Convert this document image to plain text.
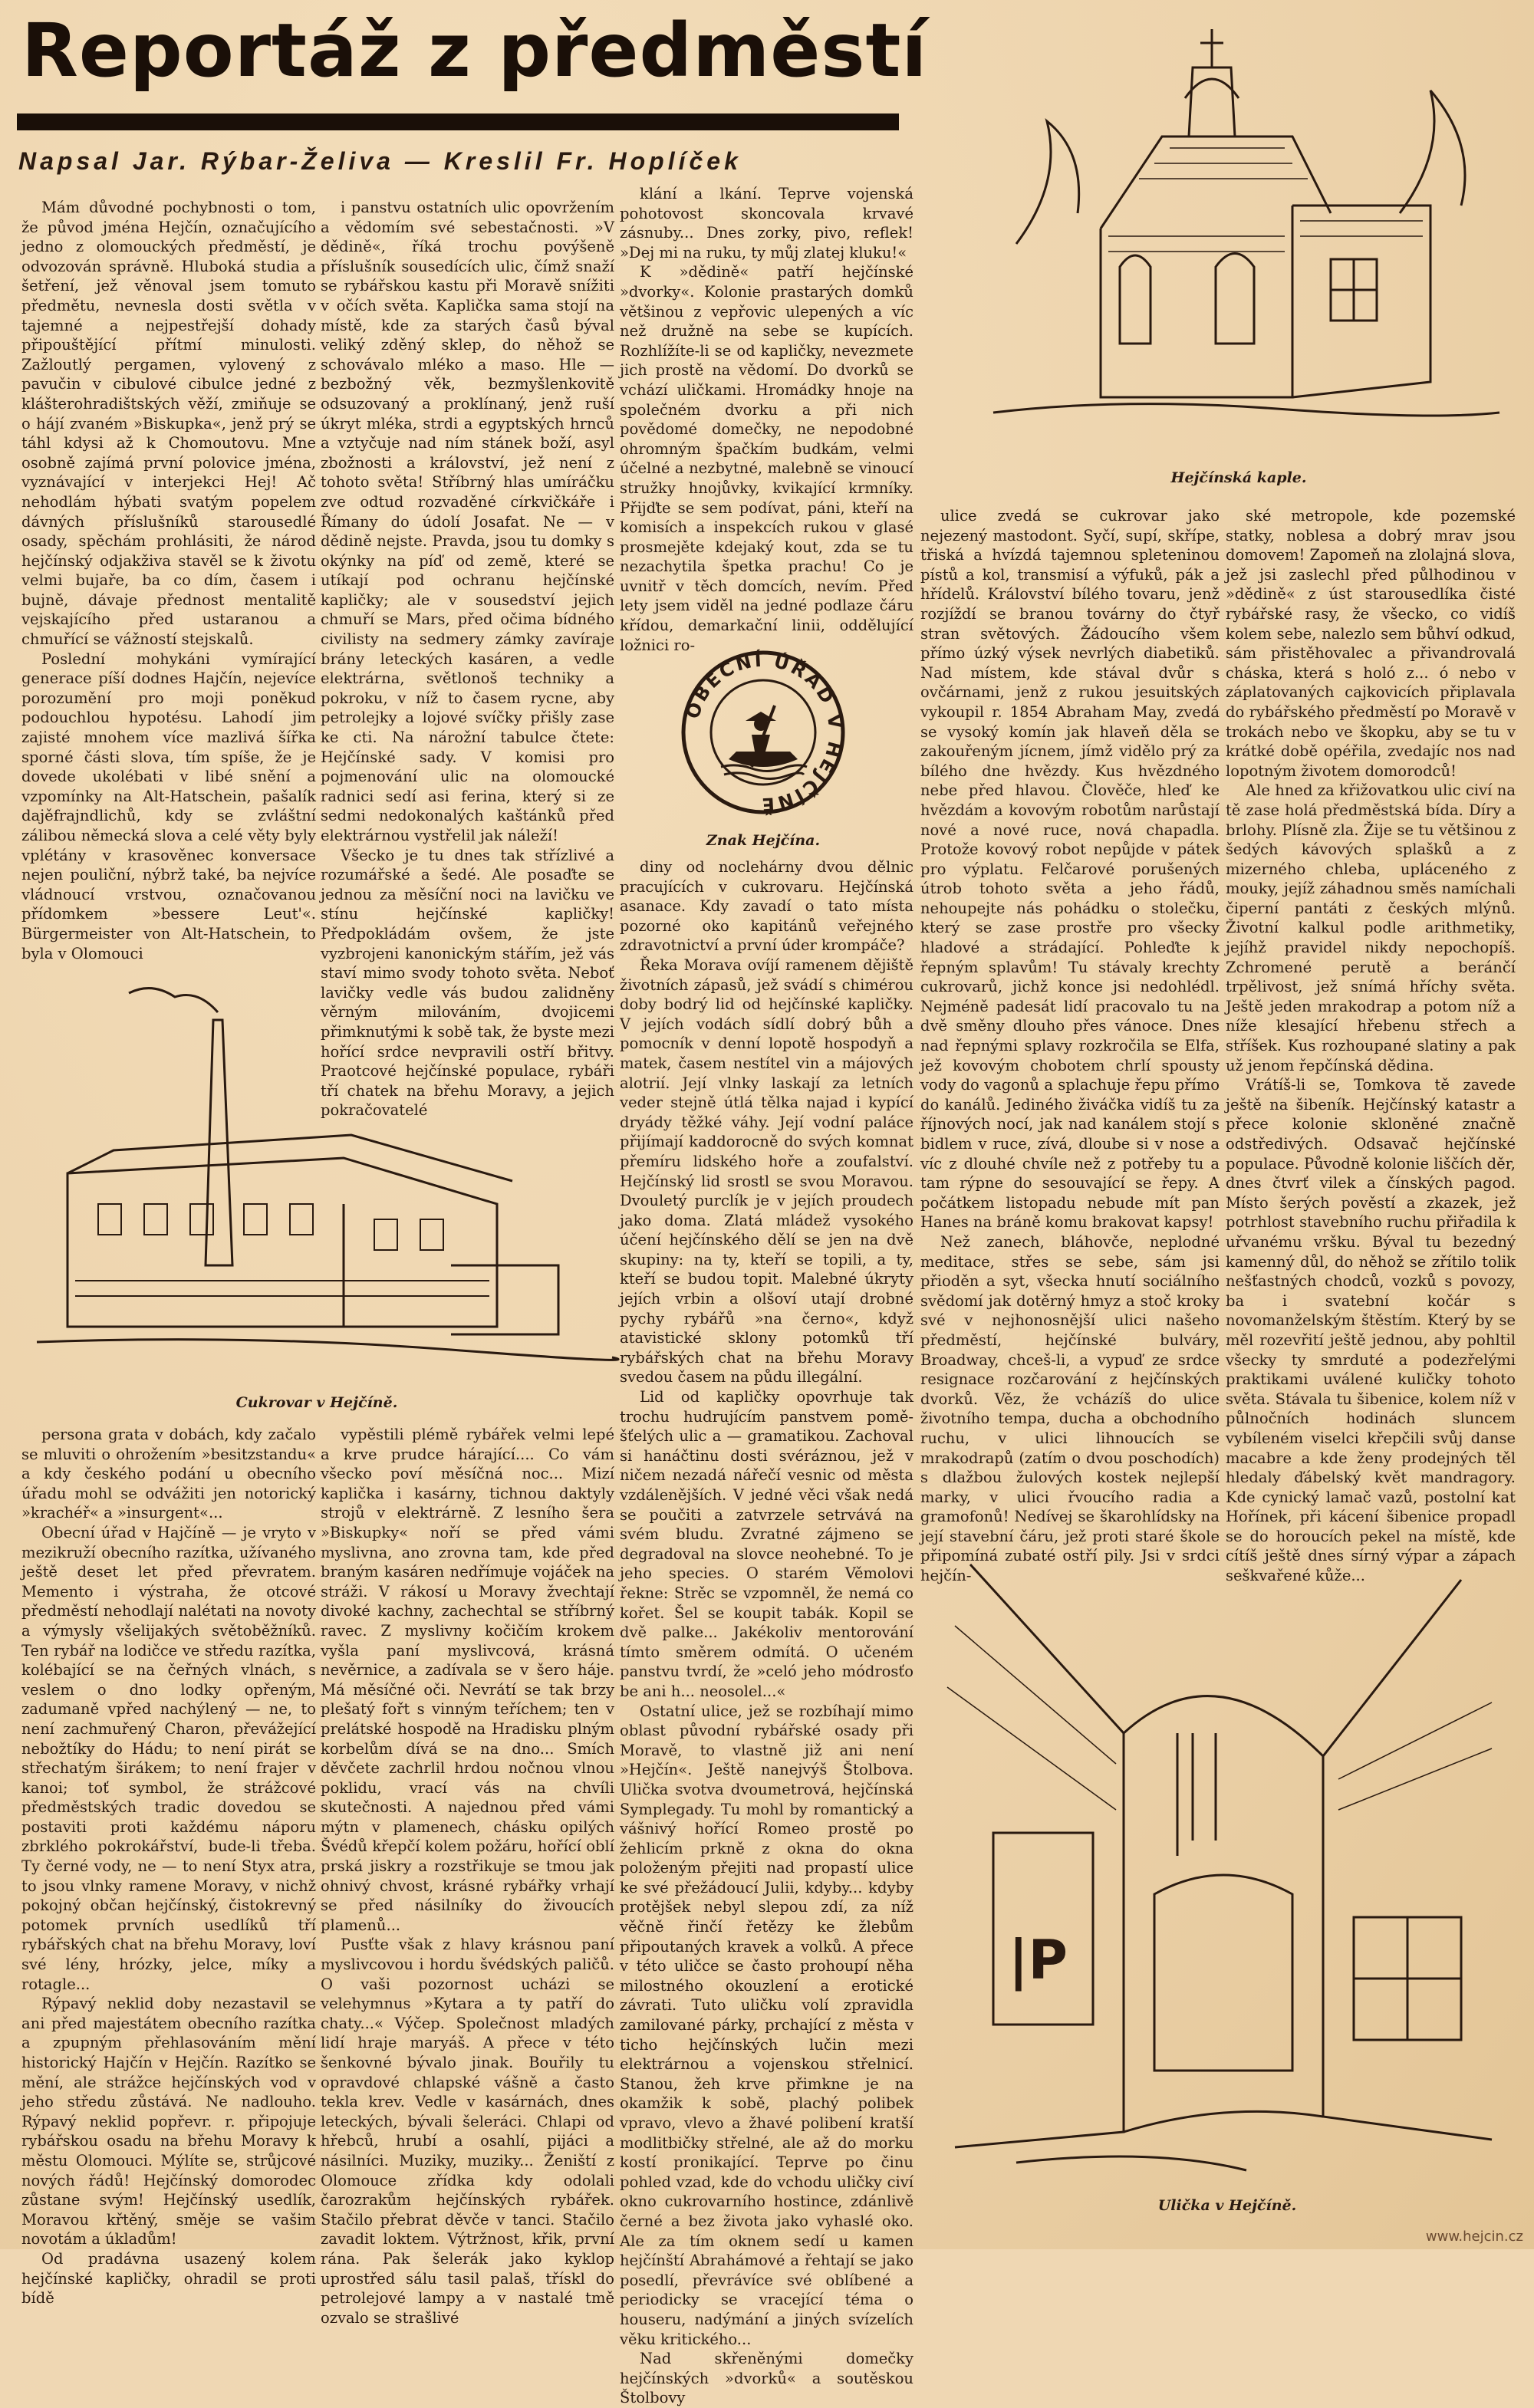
Reportáž z předměstí
Napsal Jar. Rýbar-Želiva — Kreslil Fr. Hoplíček

Mám důvodné pochybnosti o tom, že původ jména Hejčín, označujícího jedno z olomouckých předměstí, je odvozován správně. Hluboká studia a šetření, jež věnoval jsem tomuto předmětu, nevnesla dosti světla v tajemné a nejpestřejší dohady připouštějící přítmí minulosti. Zažloutlý pergamen, vylovený z pavučin v cibulové cibulce jedné z klášterohradištských věží, zmiňuje se o hájí zvaném »Biskupka«, jenž prý se táhl kdysi až k Chomoutovu. Mne osobně zajímá první polovice jména, vyznávající v interjekci Hej! Ač nehodlám hýbati svatým popelem dávných příslušníků starousedlé osady, spěchám prohlásiti, že národ hejčínský odjakživa stavěl se k životu velmi bujaře, ba co dím, časem i bujně, dávaje přednost mentalitě vejskajícího před ustaranou a chmuřící se vážností stejskalů.

Poslední mohykáni vymírající generace píší dodnes Hajčín, nejevíce porozumění pro moji poněkud podouchlou hypotésu. Lahodí jim zajisté mnohem více mazlivá šířka sporné části slova, tím spíše, že je dovede ukolébati v libé snění a vzpomínky na Alt-Hatschein, pašalík dajěfrajndlichů, kdy se zvláštní zálibou německá slova a celé věty byly vplétány v krasověnec konversace nejen pouliční, nýbrž také, ba nejvíce vládnoucí vrstvou, označovanou přídomkem »bessere Leut'«. Bürgermeister von Alt-Hatschein, to byla v Olomouci

i panstvu ostatních ulic opovržením a vědomím své sebestačnosti. »V dědině«, říká trochu povýšeně příslušník sousedících ulic, čímž snaží se rybářskou kastu při Moravě snížiti v očích světa. Kaplička sama stojí na místě, kde za starých časů býval veliký zděný sklep, do něhož se schovávalo mléko a maso. Hle — bezbožný věk, bezmyšlenkovitě odsuzovaný a proklínaný, jenž ruší úkryt mléka, strdi a egyptských hrnců a vztyčuje nad ním stánek boží, asyl zbožnosti a království, jež není z tohoto světa! Stříbrný hlas umíráčku zve odtud rozvaděné církvičkáře i Římany do údolí Josafat. Ne — v dědině nejste. Pravda, jsou tu domky s okýnky na píď od země, které se utíkají pod ochranu hejčínské kapličky; ale v sousedství jejich chmuří se Mars, před očima bídného civilisty na sedmery zámky zavíraje brány leteckých kasáren, a vedle elektrárna, světlonoš techniky a pokroku, v níž to časem rycne, aby petrolejky a lojové svíčky přišly zase ke cti. Na nárožní tabulce čtete: Hejčínské sady. V komisi pro pojmenování ulic na olomoucké radnici sedí asi ferina, který si ze sedmi nedokonalých kaštánků před elektrárnou vystřelil jak náleží!

Všecko je tu dnes tak střízlivé a rozumářské a šedé. Ale posaďte se jednou za měsíční noci na lavičku ve stínu hejčínské kapličky! Předpokládám ovšem, že jste vyzbrojeni kanonickým stářím, jež vás staví mimo svody tohoto světa. Neboť lavičky vedle vás budou zalidněny věrným milováním, dvojicemi přimknutými k sobě tak, že byste mezi hořící srdce nevpravili ostří břitvy. Praotcové hejčínské populace, rybáři tří chatek na břehu Moravy, a jejich pokračovatelé

klání a lkání. Teprve vojenská pohotovost skoncovala krvavé zásnuby... Dnes zorky, pivo, reflek! »Dej mi na ruku, ty můj zlatej kluku!«

K »dědině« patří hejčínské »dvorky«. Kolonie prastarých domků většinou z vepřovic ulepených a víc než družně na sebe se kupících. Rozhlížíte-li se od kapličky, nevezmete jich prostě na vědomí. Do dvorků se vchází uličkami. Hromádky hnoje na společném dvorku a při nich povědomé domečky, ne nepodobné ohromným špačkím budkám, velmi účelné a nezbytné, malebně se vinoucí stružky hnojůvky, kvikající krmníky. Přijďte se sem podívat, páni, kteří na komisích a inspekcích rukou v glasé prosmejěte kdejaký kout, zda se tu nezachytila špetka prachu! Co je uvnitř v těch domcích, nevím. Před lety jsem viděl na jedné podlaze čáru křídou, demarkační linii, oddělující ložnici ro-

OBECNÍ ÚŘAD V HEJČÍNĚ
Znak Hejčína.

diny od noclehárny dvou dělnic pracujících v cukrovaru. Hejčínská asanace. Kdy zavadí o tato místa pozorné oko kapitánů veřejného zdravotnictví a první úder krompáče?

Řeka Morava ovíjí ramenem dějiště životních zápasů, jež svádí s chimérou doby bodrý lid od hejčínské kapličky. V jejích vodách sídlí dobrý bůh a pomocník v denní lopotě hospodyň a matek, časem nestítel vin a májových alotrií. Její vlnky laskají za letních veder stejně útlá tělka najad i kypící dryády těžké váhy. Její vodní paláce přijímají kaddorocně do svých komnat přemíru lidského hoře a zoufalství. Hejčínský lid srostl se svou Moravou. Dvouletý purclík je v jejích proudech jako doma. Zlatá mládež vysokého účení hejčínského dělí se jen na dvě skupiny: na ty, kteří se topili, a ty, kteří se budou topit. Malebné úkryty jejích vrbin a olšoví utají drobné pychy rybářů »na černo«, když atavistické sklony potomků tří rybářských chat na břehu Moravy svedou časem na půdu illegální.

Lid od kapličky opovrhuje tak trochu hudrujícím panstvem poměšťelých ulic a — gramatikou. Zachoval si hanáčtinu dosti svéráznou, jež v ničem nezadá nářečí vesnic od města vzdálenějších. V jedné věci však nedá se poučiti a zatvrzele setrvává na svém bludu. Zvratné zájmeno se degradoval na slovce neohebné. To je jeho species. O starém Věmolovi řekne: Strěc se vzpomněl, že nemá co kořet. Šel se koupit tabák. Kopil se dvě palke... Jakékoliv mentorování tímto směrem odmítá. O učeném panstvu tvrdí, že »celó jeho módrosťo be ani h... neosolel...«

Ostatní ulice, jež se rozbíhají mimo oblast původní rybářské osady při Moravě, to vlastně již ani není »Hejčín«. Ještě nanejvýš Štolbova. Ulička svotva dvoumetrová, hejčínská Symplegady. Tu mohl by romantický a vášnivý hořící Romeo prostě po žehlicím prkně z okna do okna položeným přejiti nad propastí ulice ke své přežádoucí Julii, kdyby... kdyby protějšek nebyl slepou zdí, za níž věčně řinčí řetězy ke žlebům připoutaných kravek a volků. A přece v této uličce se často prohoupí něha milostného okouzlení a erotické závrati. Tuto uličku volí zpravidla zamilované párky, prchající z města v ticho hejčínských lučin mezi elektrárnou a vojenskou střelnicí. Stanou, žeh krve přimkne je na okamžik k sobě, plachý polibek vpravo, vlevo a žhavé polibení kratší modlitbičky střelné, ale až do morku kostí pronikající. Teprve po činu pohled vzad, kde do vchodu uličky civí okno cukrovarního hostince, zdánlivě černé a bez života jako vyhaslé oko. Ale za tím oknem sedí u kamen hejčínští Abrahámové a řehtají se jako posedlí, převrávíce své oblíbené a periodicky se vracející téma o houseru, nadýmání a jiných svízelích věku kritického...

Nad skřeněnými domečky hejčínských »dvorků« a soutěskou Štolbovy

Hejčínská kaple.
Cukrovar v Hejčíně.

persona grata v dobách, kdy začalo se mluviti o ohrožením »besitzstandu« a kdy českého podání u obecního úřadu mohl se odvážiti jen notorický »krachéř« a »insurgent«...

Obecní úřad v Hajčíně — je vryto v mezikruží obecního razítka, užívaného ještě deset let před převratem. Memento i výstraha, že otcové předměstí nehodlají nalétati na novoty a výmysly všelijakých světoběžníků. Ten rybář na lodičce ve středu razítka, kolébající se na čeřných vlnách, s veslem o dno lodky opřeným, zadumaně vpřed nachýlený — ne, to není zachmuřený Charon, převážející nebožtíky do Hádu; to není pirát se střechatým širákem; to není frajer v kanoi; toť symbol, že strážcové předměstských tradic dovedou se postaviti proti každému náporu zbrklého pokrokářství, bude-li třeba. Ty černé vody, ne — to není Styx atra, to jsou vlnky ramene Moravy, v nichž pokojný občan hejčínský, čistokrevný potomek prvních usedlíků tří rybářských chat na břehu Moravy, loví své lény, hrózky, jelce, míky a rotagle...

Rýpavý neklid doby nezastavil se ani před majestátem obecního razítka a zpupným přehlasováním mění historický Hajčín v Hejčín. Razítko se mění, ale strážce hejčínských vod v jeho středu zůstává. Ne nadlouho. Rýpavý neklid popřevr. r. připojuje rybářskou osadu na břehu Moravy k městu Olomouci. Mýlíte se, strůjcové nových řádů! Hejčínský domorodec zůstane svým! Hejčínský usedlík, Moravou křtěný, směje se vašim novotám a úkladům!

Od pradávna usazený kolem hejčínské kapličky, ohradil se proti bídě

vypěstili plémě rybářek velmi lepé a krve prudce hárající.... Co vám všecko poví měsíčná noc... Mizí kaplička i kasárny, tichnou daktyly strojů v elektrárně. Z lesního šera »Biskupky« noří se před vámi myslivna, ano zrovna tam, kde před braným kasáren nedřímuje vojáček na stráži. V rákosí u Moravy žvechtají divoké kachny, zachechtal se stříbrný ravec. Z myslivny kočičím krokem vyšla paní myslivcová, krásná nevěrnice, a zadívala se v šero háje. Má měsíčné oči. Nevrátí se tak brzy plešatý fořt s vinným teříchem; ten v prelátské hospodě na Hradisku plným korbelům dívá se na dno... Smích děvčete zachrlil hrdou nočnou vlnou poklidu, vrací vás na chvíli skutečnosti. A najednou před vámi mýtn v plamenech, chásku opilých Švédů křepčí kolem požáru, hořící oblí prská jiskry a rozstřikuje se tmou jak ohnivý chvost, krásné rybářky vrhají se před násilníky do živoucích plamenů...

Pusťte však z hlavy krásnou paní myslivcovou i hordu švédských paličů. O vaši pozornost ucházi se velehymnus »Kytara a ty patří do chaty...« Výčep. Společnost mladých lidí hraje maryáš. A přece v této šenkovné bývalo jinak. Bouřily tu opravdové chlapské vášně a často tekla krev. Vedle v kasárnách, dnes leteckých, bývali šeleráci. Chlapi od hřebců, hrubí a osahlí, pijáci a násilníci. Muziky, muziky... Ženiští z Olomouce zřídka kdy odolali čarozrakům hejčínských rybářek. Stačilo přebrat děvče v tanci. Stačilo zavadit loktem. Výtržnost, křik, první rána. Pak šelerák jako kyklop uprostřed sálu tasil palaš, třískl do petrolejové lampy a v nastalé tmě ozvalo se strašlivé

ulice zvedá se cukrovar jako nejezený mastodont. Syčí, supí, skřípe, třiská a hvízdá tajemnou spleteninou pístů a kol, transmisí a výfuků, pák a hřídelů. Království bílého tovaru, jenž rozjíždí se branou továrny do čtyř stran světových. Žádoucího všem přímo úzký výsek nevrlých diabetiků. Nad místem, kde stával dvůr s ovčárnami, jenž z rukou jesuitských vykoupil r. 1854 Abraham May, zvedá se vysoký komín jak hlaveň děla se zakouřeným jícnem, jímž vidělo prý za bílého dne hvězdy. Kus hvězdného nebe před hlavou. Člověče, hleď ke hvězdám a kovovým robotům narůstají nové a nové ruce, nová chapadla. Protože kovový robot nepůjde v pátek pro výplatu. Felčarové porušených útrob tohoto světa a jeho řádů, nehoupejte nás pohádku o stolečku, který se zase prostře pro všecky hladové a strádající. Pohleďte k řepným splavům! Tu stávaly krechty cukrovarů, jichž konce jsi nedohlédl. Nejméně padesát lidí pracovalo tu na dvě směny dlouho přes vánoce. Dnes nad řepnými splavy rozkročila se Elfa, jež kovovým chobotem chrlí spousty vody do vagonů a splachuje řepu přímo do kanálů. Jediného živáčka vidíš tu za říjnových nocí, jak nad kanálem stojí s bidlem v ruce, zívá, dloube si v nose a víc z dlouhé chvíle než z potřeby tu a tam rýpne do sesouvající se řepy. A počátkem listopadu nebude mít pan Hanes na bráně komu brakovat kapsy!

Než zanech, bláhovče, neplodné meditace, střes se sebe, sám jsi přioděn a syt, všecka hnutí sociálního svědomí jak dotěrný hmyz a stoč kroky své v nejhonosnější ulici našeho předměstí, hejčínské bulváry, Broadway, chceš-li, a vypuď ze srdce resignace rozčarování z hejčínských dvorků. Věz, že vcházíš do ulice životního tempa, ducha a obchodního ruchu, v ulici lihnoucích se mrakodrapů (zatím o dvou poschodích) s dlažbou žulových kostek nejlepší marky, v ulici řvoucího radia a gramofonů! Nedívej se škarohlídsky na její stavební čáru, jež proti staré škole připomíná zubaté ostří pily. Jsi v srdci hejčín-

ské metropole, kde pozemské statky, noblesa a dobrý mrav jsou domovem! Zapomeň na zlolajná slova, jež jsi zaslechl před půlhodinou v »dědině« z úst starousedlíka čisté rybářské rasy, že všecko, co vidíš kolem sebe, nalezlo sem bůhví odkud, sám přistěhovalec a přivandrovalá cháska, která s holó z... ó nebo v záplatovaných cajkovicích připlavala do rybářského předměstí po Moravě v trokách nebo ve škopku, aby se tu v krátké době opéřila, zvedajíc nos nad lopotným životem domorodců!

Ale hned za křižovatkou ulic civí na tě zase holá předměstská bída. Díry a brlohy. Plísně zla. Žije se tu většinou z šedých kávových splašků a z mizerného chleba, upláceného z mouky, jejíž záhadnou směs namíchali čiperní pantáti z českých mlýnů. Životní kalkul podle arithmetiky, jejíhž pravidel nikdy nepochopíš. Zchromené perutě a beránčí trpělivost, jež snímá hříchy světa. Ještě jeden mrakodrap a potom níž a níže klesající hřebenu střech a stříšek. Kus rozhoupané slatiny a pak už jenom řepčínská dědina.

Vrátíš-li se, Tomkova tě zavede ještě na šibeník. Hejčínský katastr a přece kolonie skloněné značně odstředivých. Odsavač hejčínské populace. Původně kolonie liščích děr, dnes čtvrť vilek a čínských pagod. Místo šerých pověstí a zkazek, jež potrhlost stavebního ruchu přiřadila k uřvanému vršku. Býval tu bezedný kamenný důl, do něhož se zřítilo tolik nešťastných chodců, vozků s povozy, ba i svatební kočár s novomanželským štěstím. Který by se měl rozevřití ještě jednou, aby pohltil všecky ty smrduté a podezřelými praktikami uválené kuličky tohoto světa. Stávala tu šibenice, kolem níž v půlnočních hodinách sluncem vybíleném viselci křepčili svůj danse macabre a kde ženy prodejných těl hledaly ďábelský květ mandragory. Kde cynický lamač vazů, postolní kat Hořínek, při kácení šibenice propadl se do horoucích pekel na místě, kde cítíš ještě dnes sírný výpar a zápach seškvařené kůže...

|P
Ulička v Hejčíně.
www.hejcin.cz
